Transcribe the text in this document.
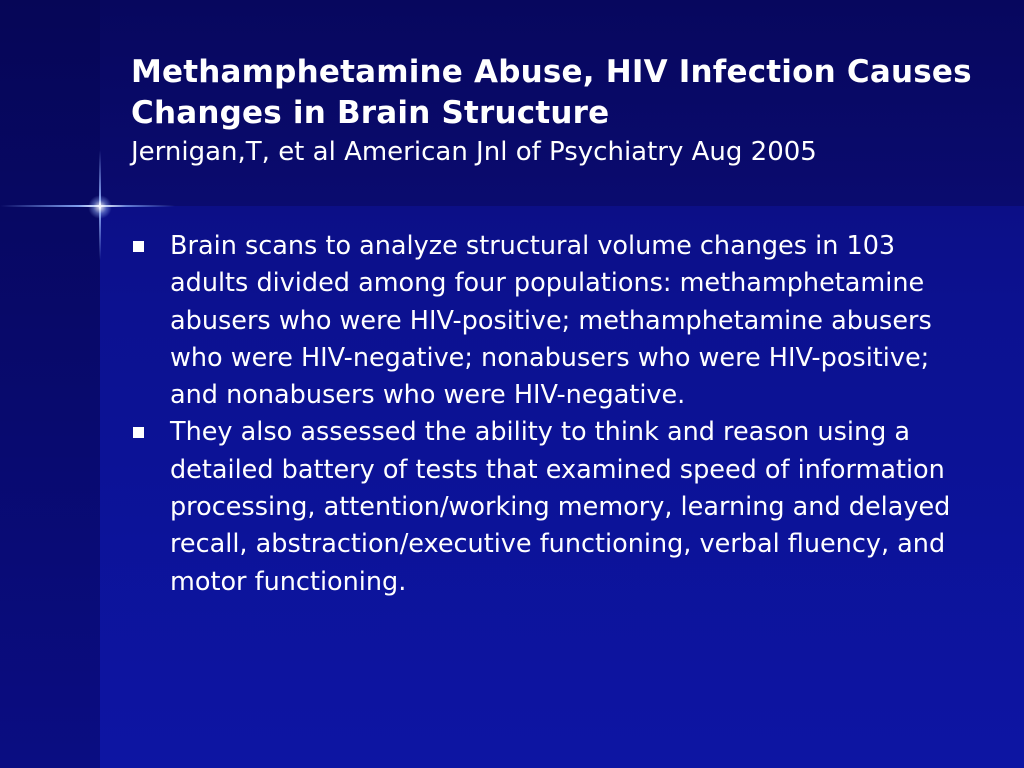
Methamphetamine Abuse, HIV Infection Causes Changes in Brain Structure

Jernigan,T, et al American Jnl of Psychiatry Aug 2005

Brain scans to analyze structural volume changes in 103 adults divided among four populations: methamphetamine abusers who were HIV-positive; methamphetamine abusers who were HIV-negative; nonabusers who were HIV-positive; and nonabusers who were HIV-negative.
They also assessed the ability to think and reason using a detailed battery of tests that examined speed of information processing, attention/working memory, learning and delayed recall, abstraction/executive functioning, verbal fluency, and motor functioning.
